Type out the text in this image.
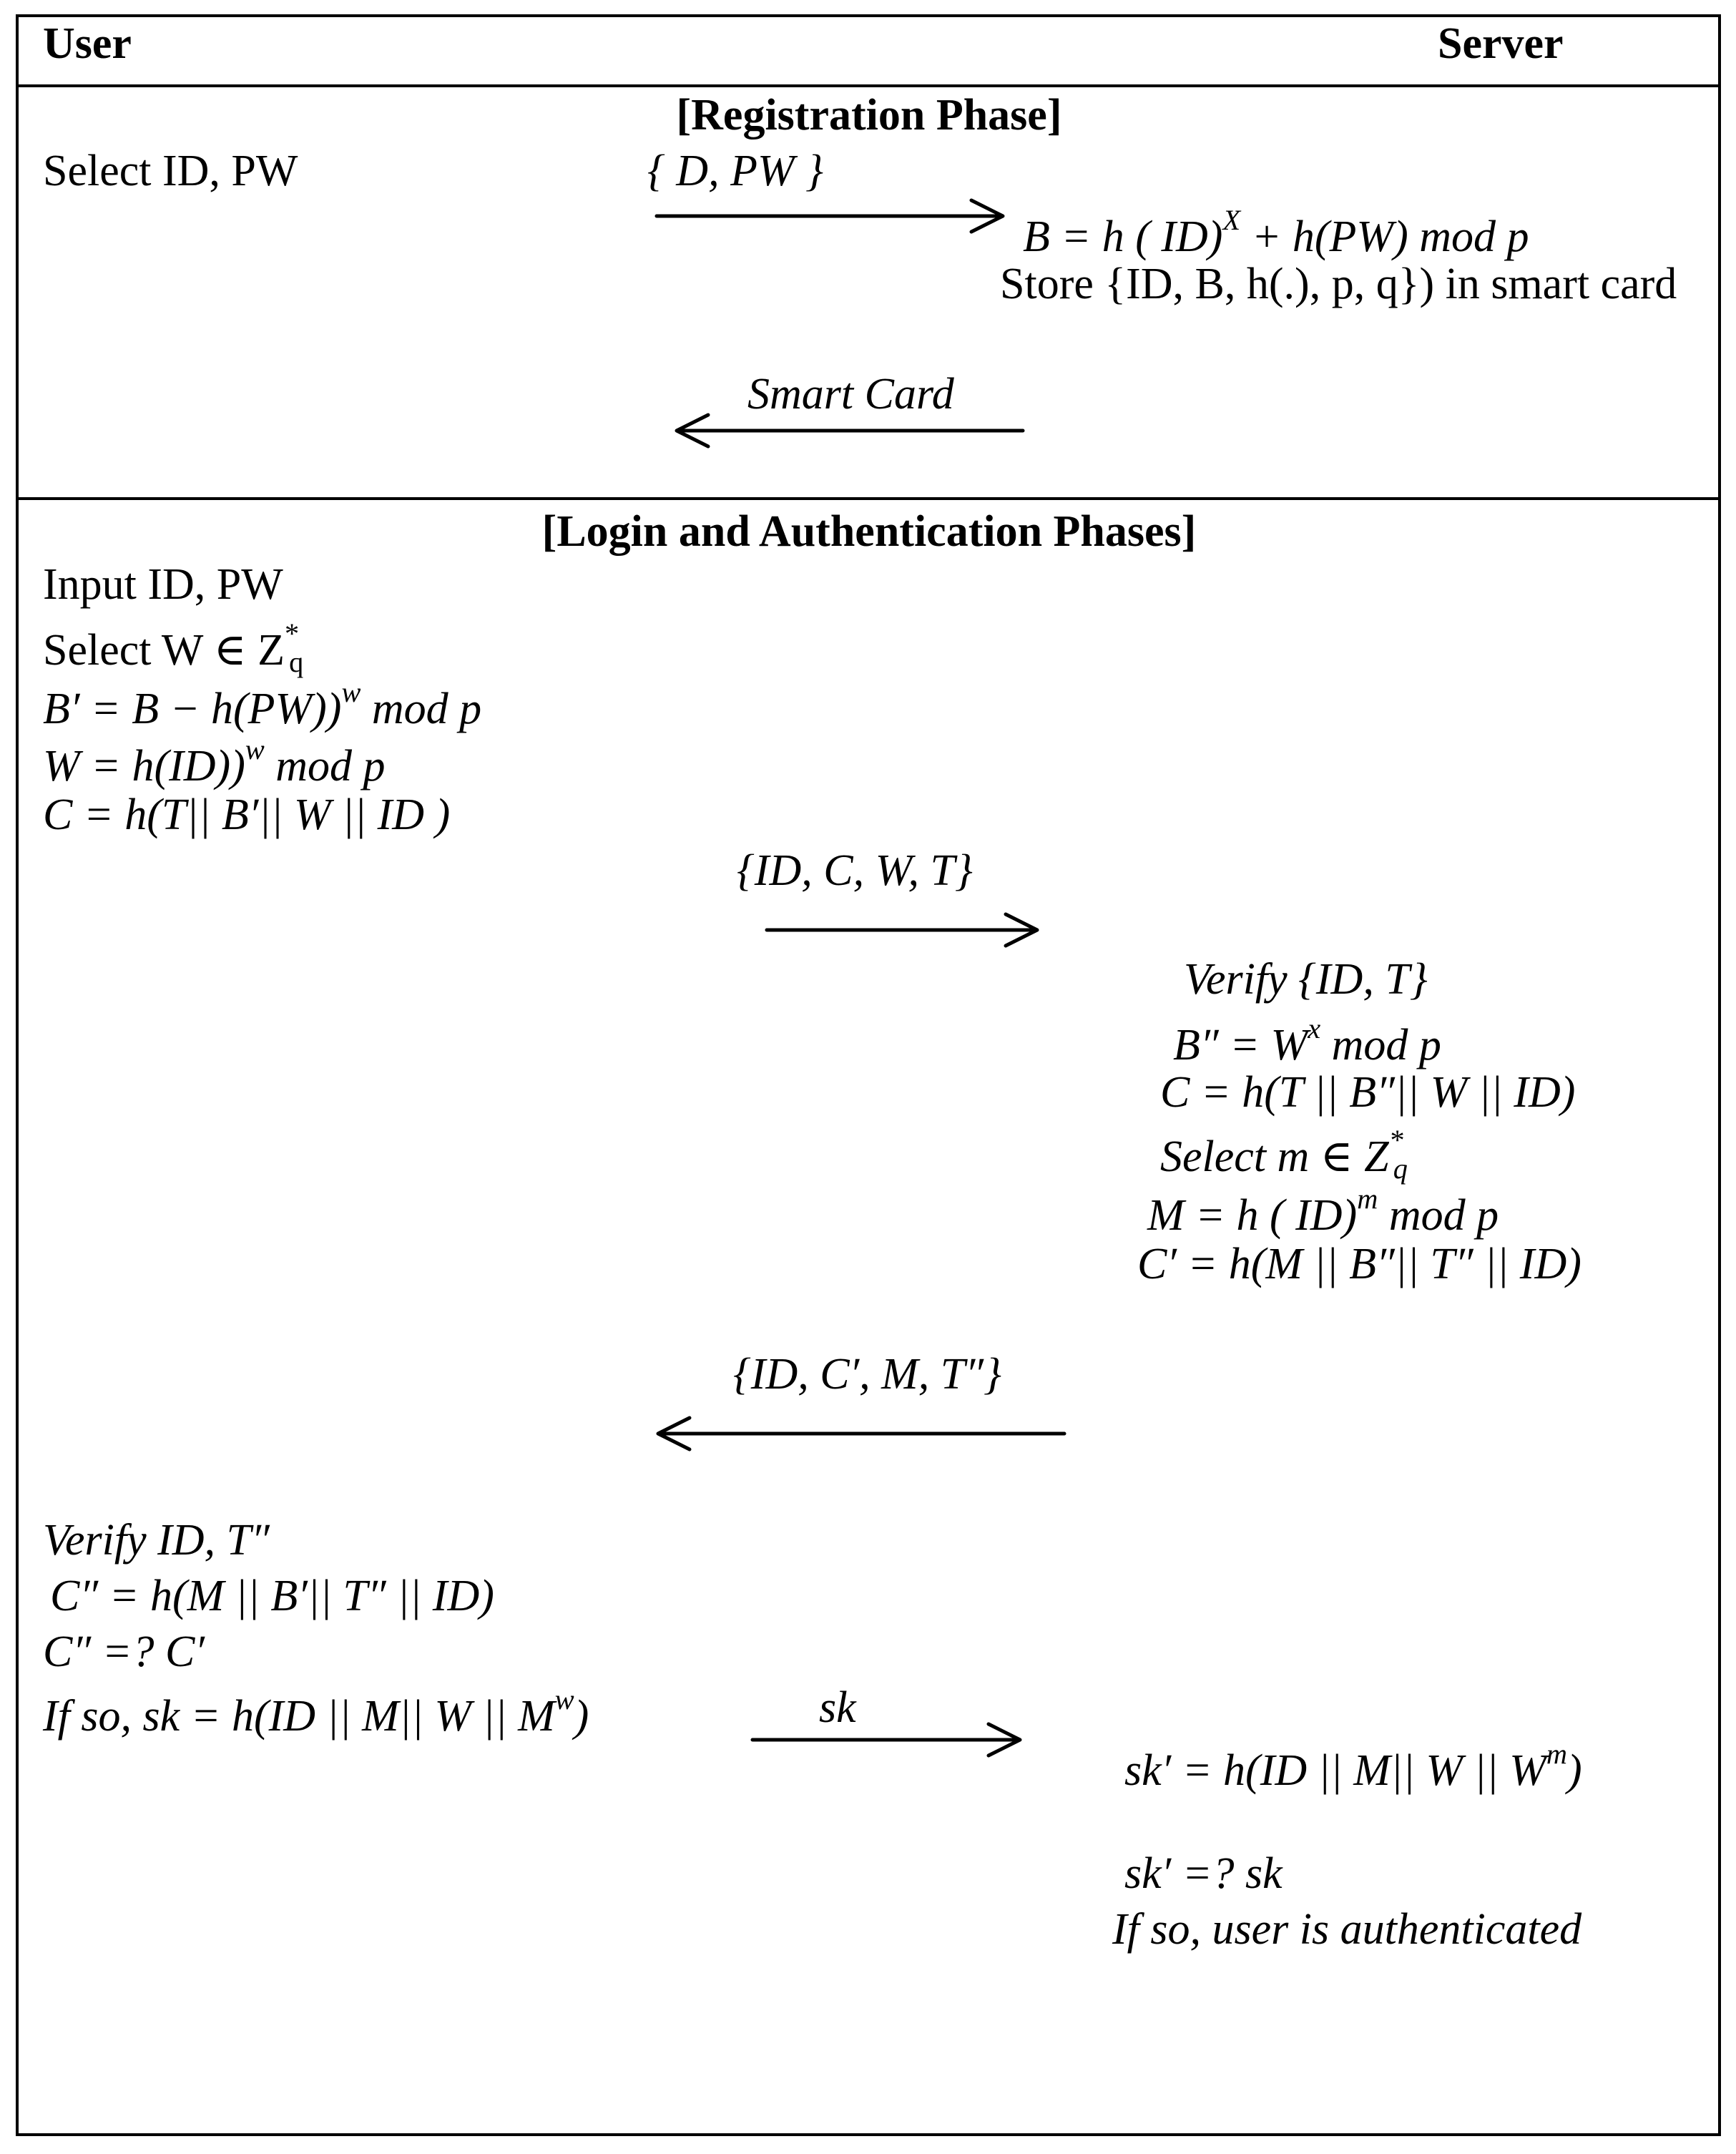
User	Server
[Registration Phase]
Select ID, PW	{ D, PW }
B = h ( ID)$^X$ + h(PW) mod p
Store {ID, B, h(.), p, q}) in smart card
Smart Card
[Login and Authentication Phases]
Input ID, PW
Select W ∈ $Z^*_q$
B′ = B − h(PW))$^w$ mod p
W = h(ID))$^w$ mod p
C = h(T|| B′|| W || ID )
{ID, C, W, T}
Verify {ID, T}
$B'' = W^x$ mod p
C = h(T || B″|| W || ID)
Select m ∈ $Z^*_q$
M = h ( ID)$^m$ mod p
C′ = h(M || B″|| T″ || ID)
{ID, C′, M, T″}
Verify ID, T″
C″ = h(M || B′|| T″ || ID)
C″ =? C′
If so, sk = h(ID || M|| W || $M^w$)	sk
sk′ = h(ID || M|| W || $W^m$)
sk′ =? sk
If so, user is authenticated
